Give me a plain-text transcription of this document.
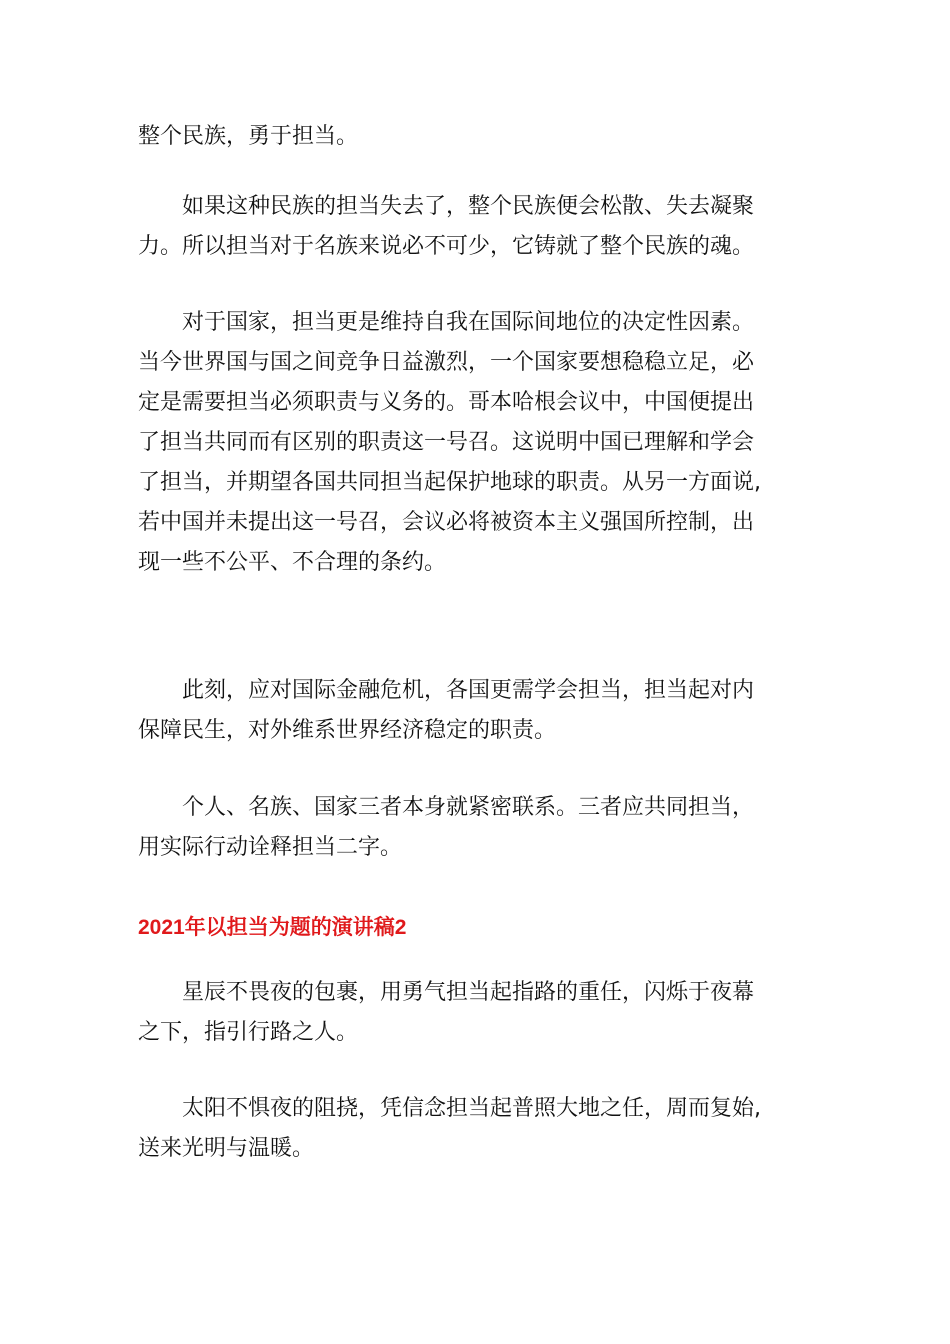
整个民族，勇于担当。

如果这种民族的担当失去了，整个民族便会松散、失去凝聚
力。所以担当对于名族来说必不可少，它铸就了整个民族的魂。

对于国家，担当更是维持自我在国际间地位的决定性因素。
当今世界国与国之间竞争日益激烈，一个国家要想稳稳立足，必
定是需要担当必须职责与义务的。哥本哈根会议中，中国便提出
了担当共同而有区别的职责这一号召。这说明中国已理解和学会
了担当，并期望各国共同担当起保护地球的职责。从另一方面说,
若中国并未提出这一号召，会议必将被资本主义强国所控制，出
现一些不公平、不合理的条约。

此刻，应对国际金融危机，各国更需学会担当，担当起对内
保障民生，对外维系世界经济稳定的职责。

个人、名族、国家三者本身就紧密联系。三者应共同担当，
用实际行动诠释担当二字。

2021年以担当为题的演讲稿2

星辰不畏夜的包裹，用勇气担当起指路的重任，闪烁于夜幕
之下，指引行路之人。

太阳不惧夜的阻挠，凭信念担当起普照大地之任，周而复始,
送来光明与温暖。
